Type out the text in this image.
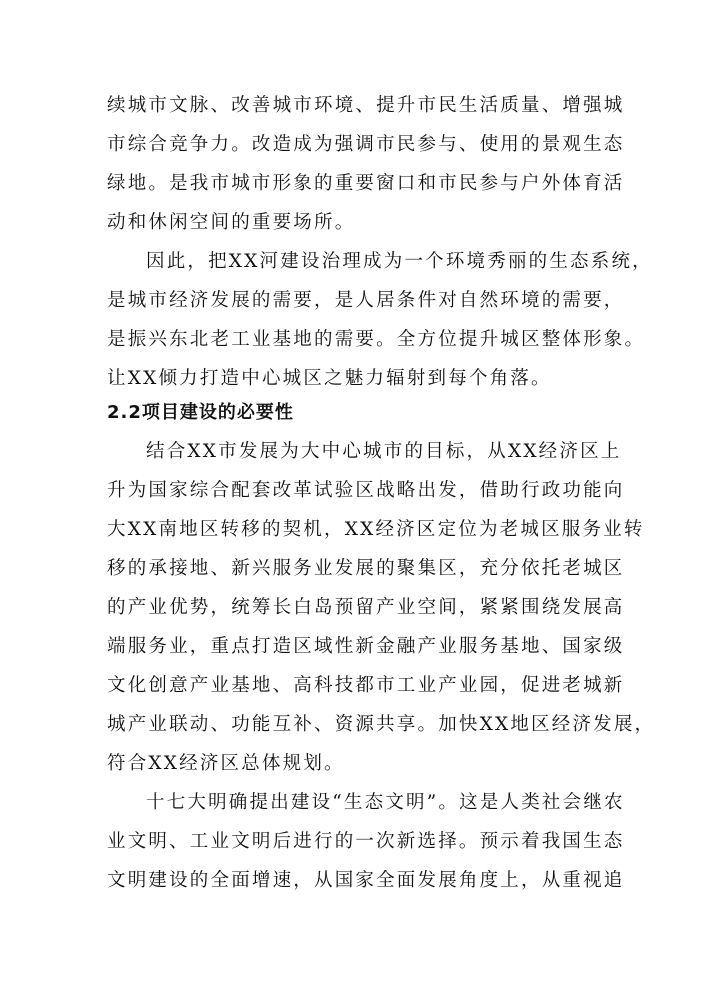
续城市文脉、改善城市环境、提升市民生活质量、增强城
市综合竞争力。改造成为强调市民参与、使用的景观生态
绿地。是我市城市形象的重要窗口和市民参与户外体育活
动和休闲空间的重要场所。
因此，把XX河建设治理成为一个环境秀丽的生态系统，
是城市经济发展的需要，是人居条件对自然环境的需要，
是振兴东北老工业基地的需要。全方位提升城区整体形象。
让XX倾力打造中心城区之魅力辐射到每个角落。
2.2项目建设的必要性
结合XX市发展为大中心城市的目标，从XX经济区上
升为国家综合配套改革试验区战略出发，借助行政功能向
大XX南地区转移的契机，XX经济区定位为老城区服务业转
移的承接地、新兴服务业发展的聚集区，充分依托老城区
的产业优势，统筹长白岛预留产业空间，紧紧围绕发展高
端服务业，重点打造区域性新金融产业服务基地、国家级
文化创意产业基地、高科技都市工业产业园，促进老城新
城产业联动、功能互补、资源共享。加快XX地区经济发展，
符合XX经济区总体规划。
十七大明确提出建设“生态文明”。这是人类社会继农
业文明、工业文明后进行的一次新选择。预示着我国生态
文明建设的全面增速，从国家全面发展角度上，从重视追
